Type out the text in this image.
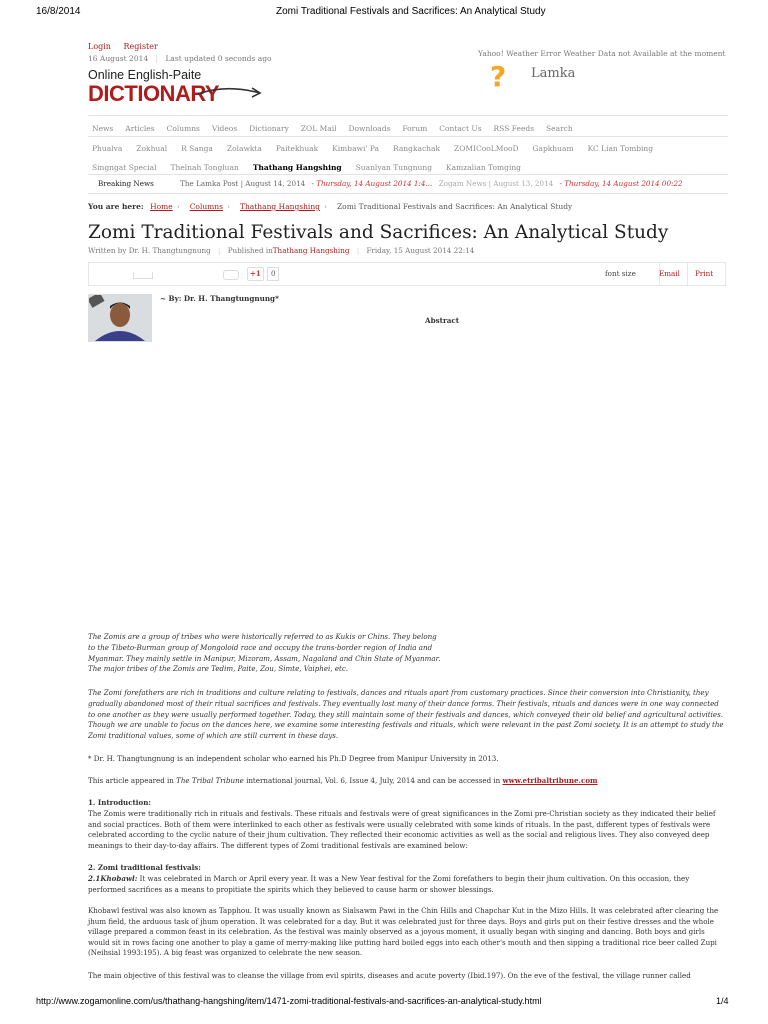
16/8/2014	Zomi Traditional Festivals and Sacrifices: An Analytical Study
Login Register
16 August 2014 | Last updated 0 seconds ago
Yahoo! Weather Error Weather Data not Available at the moment
? Lamka
Online English-Paite
DICTIONARY
News Articles Columns Videos Dictionary ZOL Mail Downloads Forum Contact Us RSS Feeds Search
Phualva Zokhual R Sanga Zolawkta Paitekhuak Kimbawi' Pa Rangkachak ZOMICooLMooD Gapkhuam KC Lian Tombing
Singngat Special Thelnah Tongluan Thathang Hangshing Suanlyan Tungnung Kamzalian Tomging
Breaking News	The Lamka Post | August 14, 2014 - Thursday, 14 August 2014 1:4... Zogam News | August 13, 2014 - Thursday, 14 August 2014 00:22
You are here: Home › Columns › Thathang Hangshing › Zomi Traditional Festivals and Sacrifices: An Analytical Study
Zomi Traditional Festivals and Sacrifices: An Analytical Study
Written by Dr. H. Thangtungnung | Published inThathang Hangshing | Friday, 15 August 2014 22:14
+1	0	font size	Email Print
~ By: Dr. H. Thangtungnung*
Abstract
The Zomis are a group of tribes who were historically referred to as Kukis or Chins. They belong to the Tibeto-Burman group of Mongoloid race and occupy the trans-border region of India and Myanmar. They mainly settle in Manipur, Mizoram, Assam, Nagaland and Chin State of Myanmar. The major tribes of the Zomis are Tedim, Paite, Zou, Simte, Vaiphei, etc.
The Zomi forefathers are rich in traditions and culture relating to festivals, dances and rituals apart from customary practices. Since their conversion into Christianity, they gradually abandoned most of their ritual sacrifices and festivals. They eventually lost many of their dance forms. Their festivals, rituals and dances were in one way connected to one another as they were usually performed together. Today, they still maintain some of their festivals and dances, which conveyed their old belief and agricultural activities. Though we are unable to focus on the dances here, we examine some interesting festivals and rituals, which were relevant in the past Zomi society. It is an attempt to study the Zomi traditional values, some of which are still current in these days.
* Dr. H. Thangtungnung is an independent scholar who earned his Ph.D Degree from Manipur University in 2013.
This article appeared in The Tribal Tribune international journal, Vol. 6, Issue 4, July, 2014 and can be accessed in www.etribaltribune.com
1. Introduction:
The Zomis were traditionally rich in rituals and festivals. These rituals and festivals were of great significances in the Zomi pre-Christian society as they indicated their belief and social practices. Both of them were interlinked to each other as festivals were usually celebrated with some kinds of rituals. In the past, different types of festivals were celebrated according to the cyclic nature of their jhum cultivation. They reflected their economic activities as well as the social and religious lives. They also conveyed deep meanings to their day-to-day affairs. The different types of Zomi traditional festivals are examined below:
2. Zomi traditional festivals:
2.1Khobawl: It was celebrated in March or April every year. It was a New Year festival for the Zomi forefathers to begin their jhum cultivation. On this occasion, they performed sacrifices as a means to propitiate the spirits which they believed to cause harm or shower blessings.
Khobawl festival was also known as Tapphou. It was usually known as Sialsawm Pawi in the Chin Hills and Chapchar Kut in the Mizo Hills. It was celebrated after clearing the jhum field, the arduous task of jhum operation. It was celebrated for a day. But it was celebrated just for three days. Boys and girls put on their festive dresses and the whole village prepared a common feast in its celebration. As the festival was mainly observed as a joyous moment, it usually began with singing and dancing. Both boys and girls would sit in rows facing one another to play a game of merry-making like putting hard boiled eggs into each other's mouth and then sipping a traditional rice beer called Zupi (Neihsial 1993:195). A big feast was organized to celebrate the new season.
The main objective of this festival was to cleanse the village from evil spirits, diseases and acute poverty (Ibid.197). On the eve of the festival, the village runner called
http://www.zogamonline.com/us/thathang-hangshing/item/1471-zomi-traditional-festivals-and-sacrifices-an-analytical-study.html	1/4
